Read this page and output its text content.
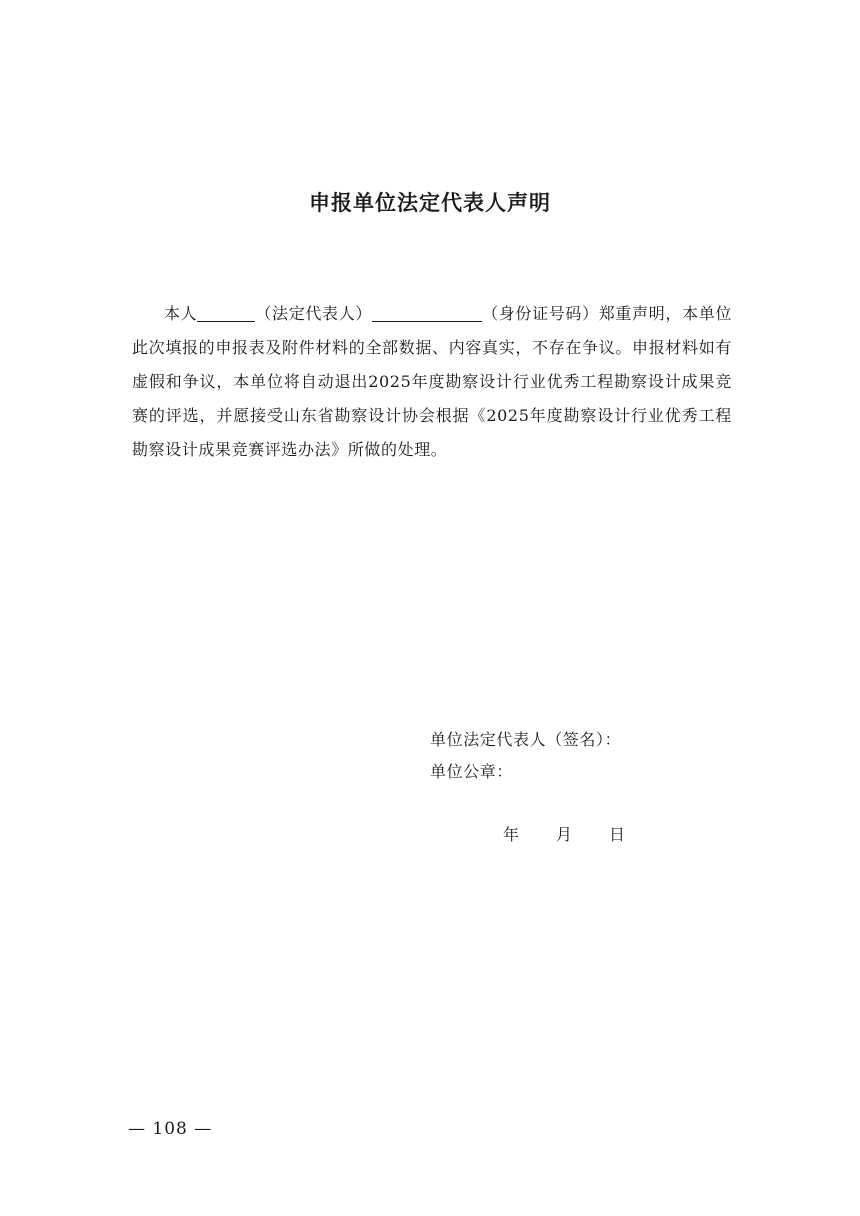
申报单位法定代表人声明
本人	（法定代表人）	（身份证号码）郑重声明，本单位此次填报的申报表及附件材料的全部数据、内容真实，不存在争议。申报材料如有虚假和争议，本单位将自动退出2025年度勘察设计行业优秀工程勘察设计成果竞赛的评选，并愿接受山东省勘察设计协会根据《2025年度勘察设计行业优秀工程勘察设计成果竞赛评选办法》所做的处理。
单位法定代表人（签名）：
单位公章：
年 月 日
— 108 —
